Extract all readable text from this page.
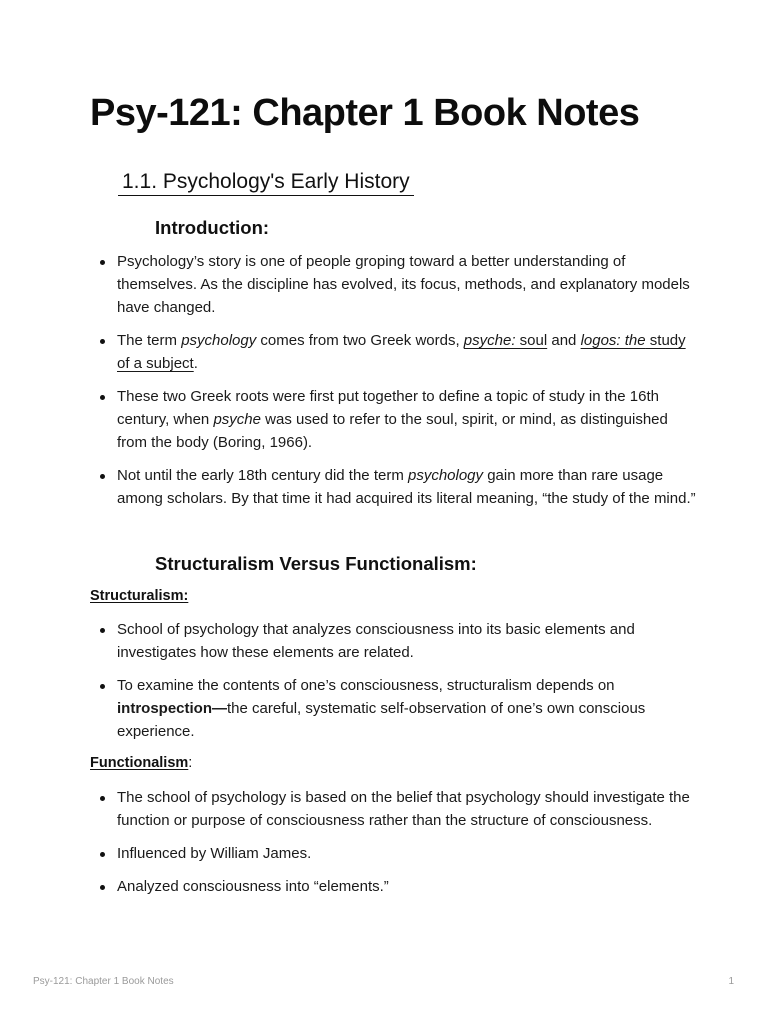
Psy-121: Chapter 1 Book Notes
1.1. Psychology's Early History
Introduction:
Psychology’s story is one of people groping toward a better understanding of themselves. As the discipline has evolved, its focus, methods, and explanatory models have changed.
The term psychology comes from two Greek words, psyche: soul and logos: the study of a subject.
These two Greek roots were first put together to define a topic of study in the 16th century, when psyche was used to refer to the soul, spirit, or mind, as distinguished from the body (Boring, 1966).
Not until the early 18th century did the term psychology gain more than rare usage among scholars. By that time it had acquired its literal meaning, “the study of the mind.”
Structuralism Versus Functionalism:
Structuralism:
School of psychology that analyzes consciousness into its basic elements and investigates how these elements are related.
To examine the contents of one’s consciousness, structuralism depends on introspection—the careful, systematic self-observation of one’s own conscious experience.
Functionalism:
The school of psychology is based on the belief that psychology should investigate the function or purpose of consciousness rather than the structure of consciousness.
Influenced by William James.
Analyzed consciousness into “elements.”
Psy-121: Chapter 1 Book Notes	1
